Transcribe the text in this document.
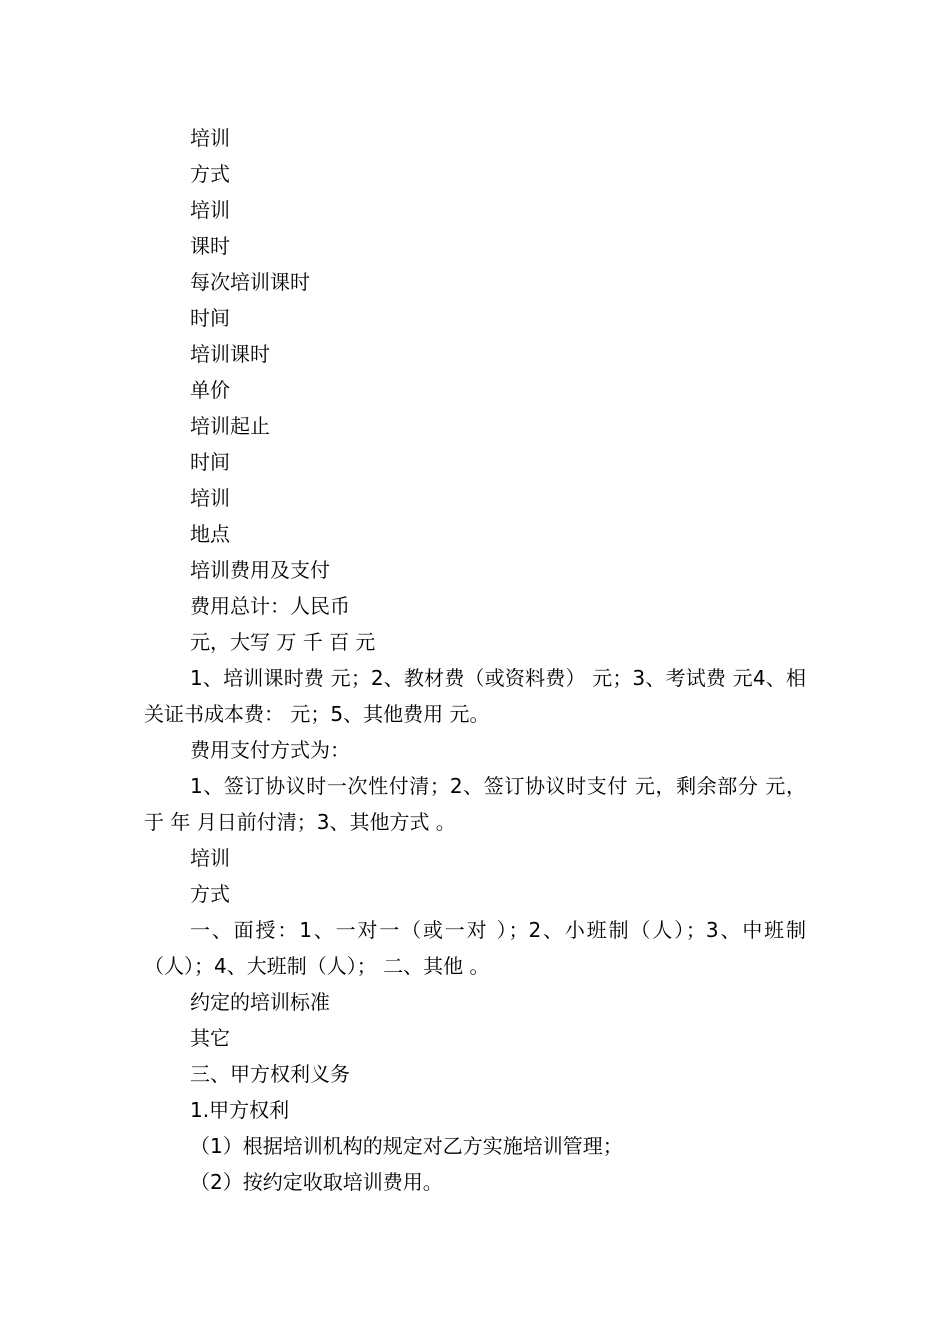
培训

方式

培训

课时

每次培训课时

时间

培训课时

单价

培训起止

时间

培训

地点

培训费用及支付

费用总计：人民币

元，大写 万 千 百 元

1、培训课时费 元；2、教材费（或资料费） 元；3、考试费 元4、相关证书成本费： 元；5、其他费用 元。

费用支付方式为：

1、签订协议时一次性付清；2、签订协议时支付 元，剩余部分 元，于 年 月日前付清；3、其他方式 。

培训

方式

一、面授：1、一对一（或一对 ）；2、小班制（人）；3、中班制（人）；4、大班制（人）； 二、其他 。

约定的培训标准

其它

三、甲方权利义务

1.甲方权利

（1）根据培训机构的规定对乙方实施培训管理；

（2）按约定收取培训费用。
